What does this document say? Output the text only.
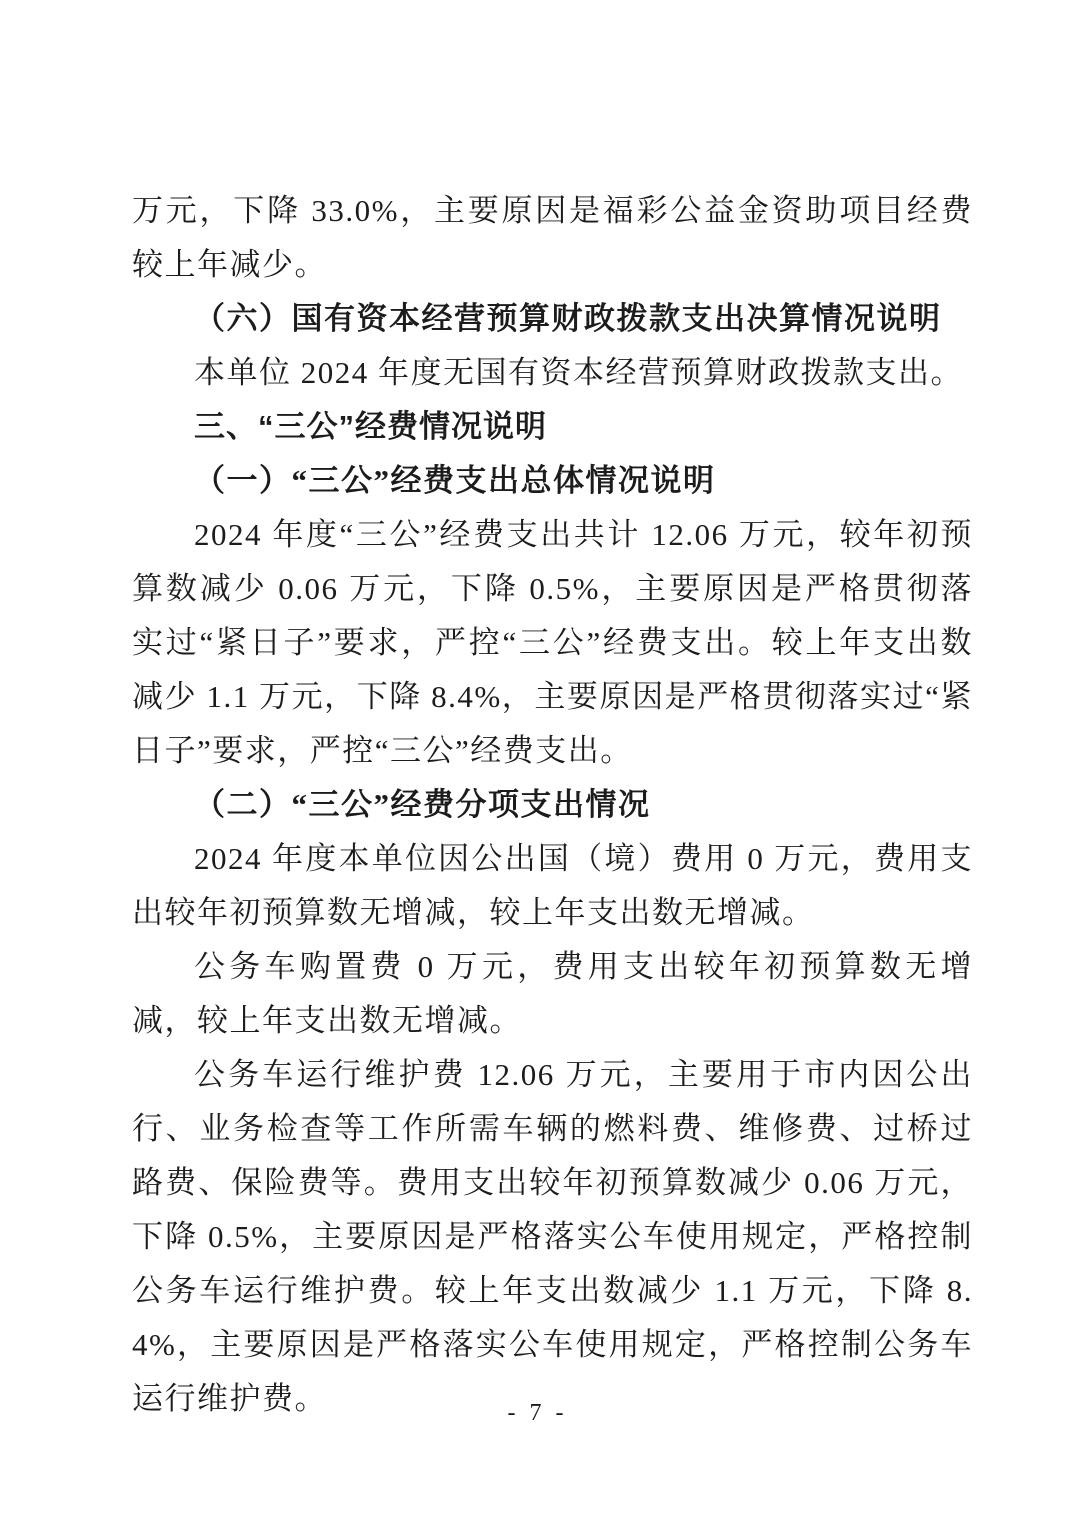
万元，下降 33.0%，主要原因是福彩公益金资助项目经费较上年减少。

（六）国有资本经营预算财政拨款支出决算情况说明

本单位 2024 年度无国有资本经营预算财政拨款支出。

三、“三公”经费情况说明

（一）“三公”经费支出总体情况说明

2024 年度“三公”经费支出共计 12.06 万元，较年初预算数减少 0.06 万元，下降 0.5%，主要原因是严格贯彻落实过“紧日子”要求，严控“三公”经费支出。较上年支出数减少 1.1 万元，下降 8.4%，主要原因是严格贯彻落实过“紧日子”要求，严控“三公”经费支出。

（二）“三公”经费分项支出情况

2024 年度本单位因公出国（境）费用 0 万元，费用支出较年初预算数无增减，较上年支出数无增减。

公务车购置费 0 万元，费用支出较年初预算数无增减，较上年支出数无增减。

公务车运行维护费 12.06 万元，主要用于市内因公出行、业务检查等工作所需车辆的燃料费、维修费、过桥过路费、保险费等。费用支出较年初预算数减少 0.06 万元，下降 0.5%，主要原因是严格落实公车使用规定，严格控制公务车运行维护费。较上年支出数减少 1.1 万元，下降 8.4%，主要原因是严格落实公车使用规定，严格控制公务车运行维护费。	- 7 -
